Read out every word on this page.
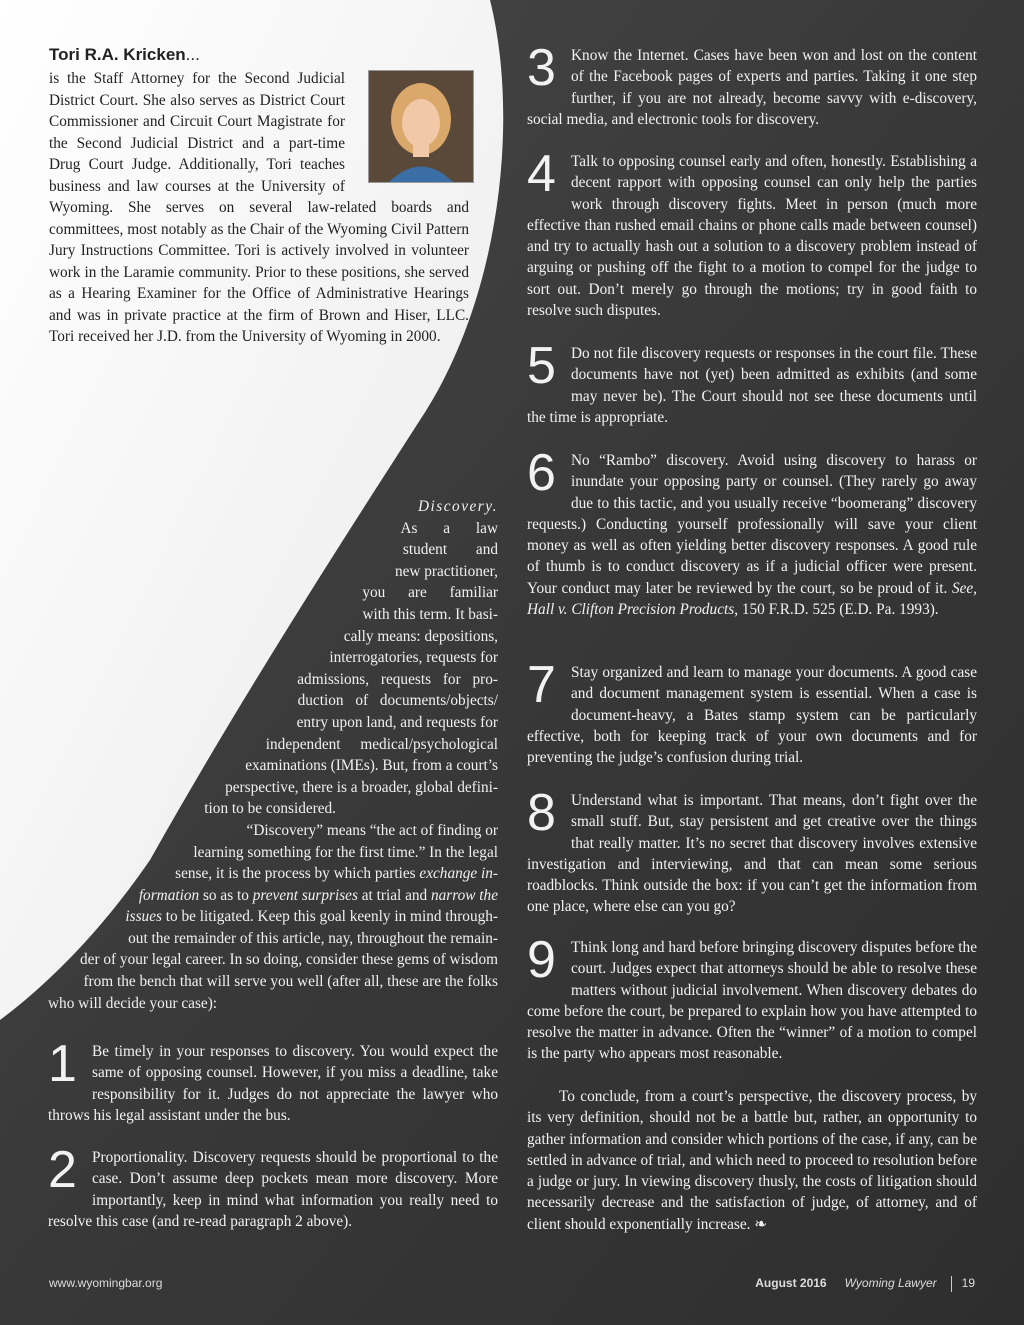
Tori R.A. Kricken...
is the Staff Attorney for the Second Judicial District Court. She also serves as District Court Commissioner and Circuit Court Magistrate for the Second Judicial District and a part-time Drug Court Judge. Additionally, Tori teaches business and law courses at the University of Wyoming. She serves on several law-related boards and committees, most notably as the Chair of the Wyoming Civil Pattern Jury Instructions Committee. Tori is actively involved in volunteer work in the Laramie community. Prior to these positions, she served as a Hearing Examiner for the Office of Administrative Hearings and was in private practice at the firm of Brown and Hiser, LLC. Tori received her J.D. from the University of Wyoming in 2000.
Discovery.
As a law
student and
new practitioner,
you are familiar
with this term. It basi-
cally means: depositions,
interrogatories, requests for
admissions, requests for pro-
duction of documents/objects/
entry upon land, and requests for
independent medical/psychological
examinations (IMEs). But, from a court’s
perspective, there is a broader, global defini-
tion to be considered.
“Discovery” means “the act of finding or
learning something for the first time.” In the legal
sense, it is the process by which parties exchange in-
formation so as to prevent surprises at trial and narrow the
issues to be litigated. Keep this goal keenly in mind through-
out the remainder of this article, nay, throughout the remain-
der of your legal career. In so doing, consider these gems of wisdom
from the bench that will serve you well (after all, these are the folks
who will decide your case):
1 Be timely in your responses to discovery. You would expect the same of opposing counsel. However, if you miss a deadline, take responsibility for it. Judges do not appreciate the lawyer who throws his legal assistant under the bus.
2 Proportionality. Discovery requests should be proportional to the case. Don’t assume deep pockets mean more discovery. More importantly, keep in mind what information you really need to resolve this case (and re-read paragraph 2 above).
3 Know the Internet. Cases have been won and lost on the content of the Facebook pages of experts and parties. Taking it one step further, if you are not already, become savvy with e-discovery, social media, and electronic tools for discovery.
4 Talk to opposing counsel early and often, honestly. Establishing a decent rapport with opposing counsel can only help the parties work through discovery fights. Meet in person (much more effective than rushed email chains or phone calls made between counsel) and try to actually hash out a solution to a discovery problem instead of arguing or pushing off the fight to a motion to compel for the judge to sort out. Don’t merely go through the motions; try in good faith to resolve such disputes.
5 Do not file discovery requests or responses in the court file. These documents have not (yet) been admitted as exhibits (and some may never be). The Court should not see these documents until the time is appropriate.
6 No “Rambo” discovery. Avoid using discovery to harass or inundate your opposing party or counsel. (They rarely go away due to this tactic, and you usually receive “boomerang” discovery requests.) Conducting yourself professionally will save your client money as well as often yielding better discovery responses. A good rule of thumb is to conduct discovery as if a judicial officer were present. Your conduct may later be reviewed by the court, so be proud of it. See, Hall v. Clifton Precision Products, 150 F.R.D. 525 (E.D. Pa. 1993).
7 Stay organized and learn to manage your documents. A good case and document management system is essential. When a case is document-heavy, a Bates stamp system can be particularly effective, both for keeping track of your own documents and for preventing the judge’s confusion during trial.
8 Understand what is important. That means, don’t fight over the small stuff. But, stay persistent and get creative over the things that really matter. It’s no secret that discovery involves extensive investigation and interviewing, and that can mean some serious roadblocks. Think outside the box: if you can’t get the information from one place, where else can you go?
9 Think long and hard before bringing discovery disputes before the court. Judges expect that attorneys should be able to resolve these matters without judicial involvement. When discovery debates do come before the court, be prepared to explain how you have attempted to resolve the matter in advance. Often the “winner” of a motion to compel is the party who appears most reasonable.
To conclude, from a court’s perspective, the discovery process, by its very definition, should not be a battle but, rather, an opportunity to gather information and consider which portions of the case, if any, can be settled in advance of trial, and which need to proceed to resolution before a judge or jury. In viewing discovery thusly, the costs of litigation should necessarily decrease and the satisfaction of judge, of attorney, and of client should exponentially increase. ❧
www.wyomingbar.org	August 2016 Wyoming Lawyer 19
